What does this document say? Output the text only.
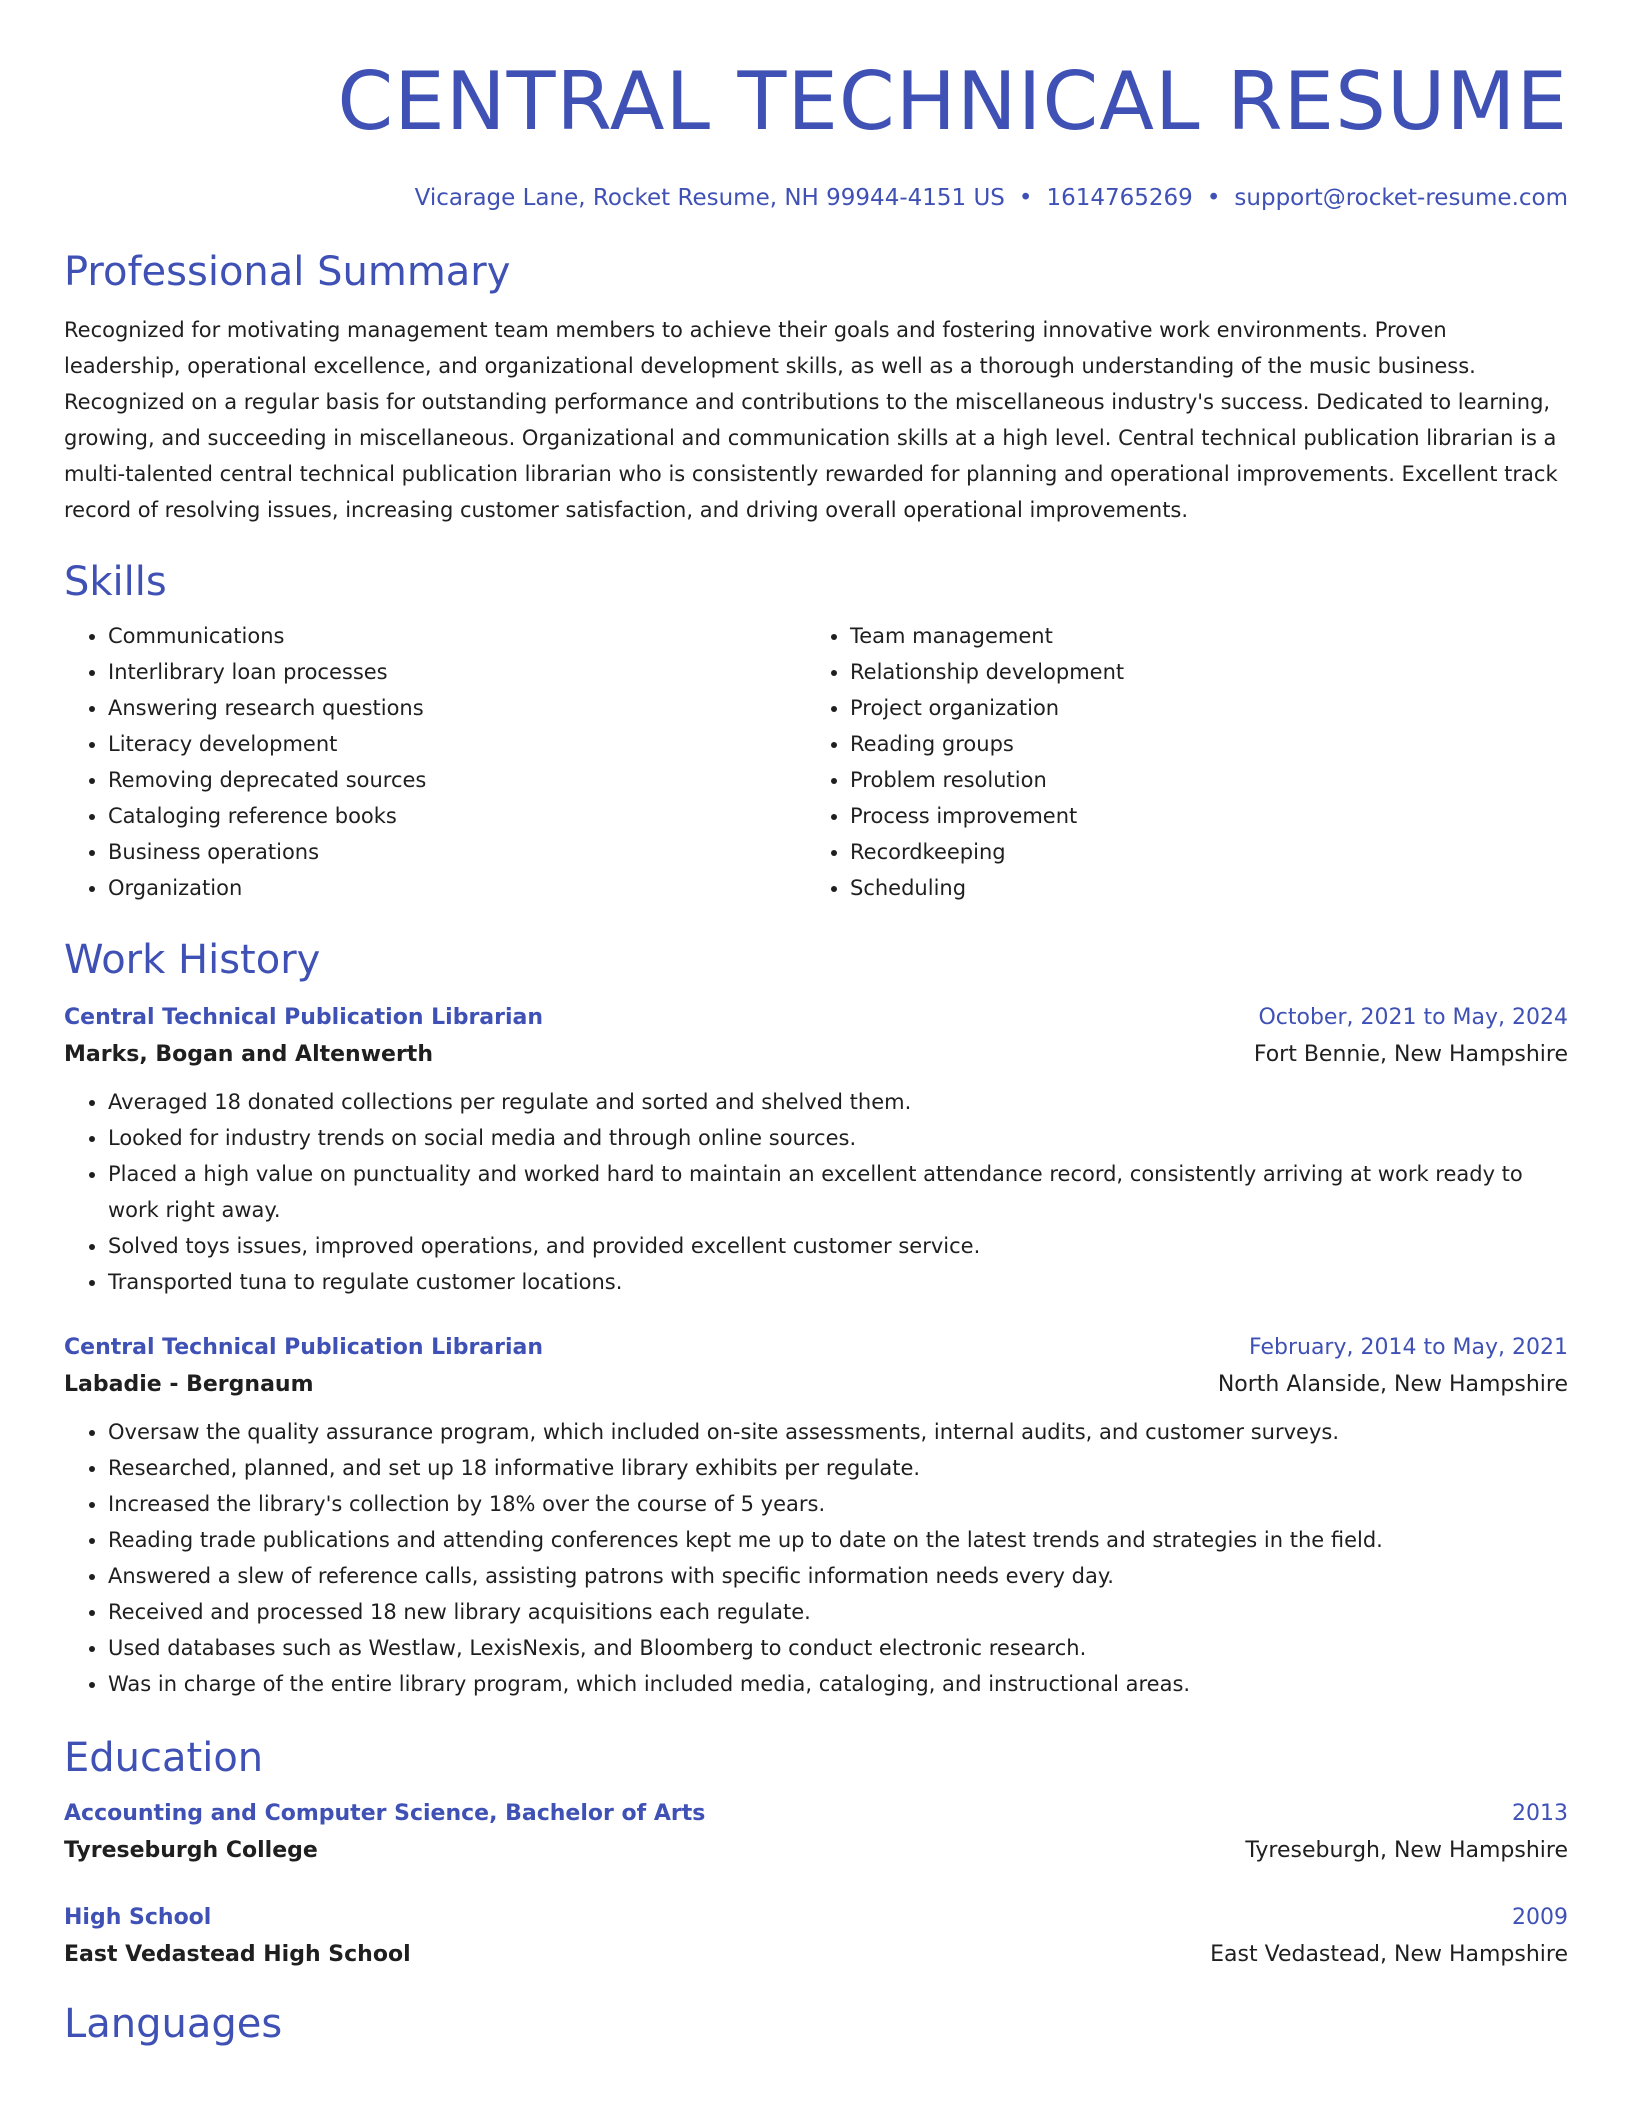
CENTRAL TECHNICAL RESUME
Vicarage Lane, Rocket Resume, NH 99944-4151 US • 1614765269 • support@rocket-resume.com
Professional Summary

Recognized for motivating management team members to achieve their goals and fostering innovative work environments. Proven leadership, operational excellence, and organizational development skills, as well as a thorough understanding of the music business. Recognized on a regular basis for outstanding performance and contributions to the miscellaneous industry's success. Dedicated to learning, growing, and succeeding in miscellaneous. Organizational and communication skills at a high level. Central technical publication librarian is a multi-talented central technical publication librarian who is consistently rewarded for planning and operational improvements. Excellent track record of resolving issues, increasing customer satisfaction, and driving overall operational improvements.

Skills
• Communications
• Interlibrary loan processes
• Answering research questions
• Literacy development
• Removing deprecated sources
• Cataloging reference books
• Business operations
• Organization
• Team management
• Relationship development
• Project organization
• Reading groups
• Problem resolution
• Process improvement
• Recordkeeping
• Scheduling
Work History
Central Technical Publication Librarian	October, 2021 to May, 2024
Marks, Bogan and Altenwerth	Fort Bennie, New Hampshire
• Averaged 18 donated collections per regulate and sorted and shelved them.
• Looked for industry trends on social media and through online sources.
• Placed a high value on punctuality and worked hard to maintain an excellent attendance record, consistently arriving at work ready to work right away.
• Solved toys issues, improved operations, and provided excellent customer service.
• Transported tuna to regulate customer locations.
Central Technical Publication Librarian	February, 2014 to May, 2021
Labadie - Bergnaum	North Alanside, New Hampshire
• Oversaw the quality assurance program, which included on-site assessments, internal audits, and customer surveys.
• Researched, planned, and set up 18 informative library exhibits per regulate.
• Increased the library's collection by 18% over the course of 5 years.
• Reading trade publications and attending conferences kept me up to date on the latest trends and strategies in the field.
• Answered a slew of reference calls, assisting patrons with specific information needs every day.
• Received and processed 18 new library acquisitions each regulate.
• Used databases such as Westlaw, LexisNexis, and Bloomberg to conduct electronic research.
• Was in charge of the entire library program, which included media, cataloging, and instructional areas.
Education
Accounting and Computer Science, Bachelor of Arts	2013
Tyreseburgh College	Tyreseburgh, New Hampshire
High School	2009
East Vedastead High School	East Vedastead, New Hampshire
Languages
